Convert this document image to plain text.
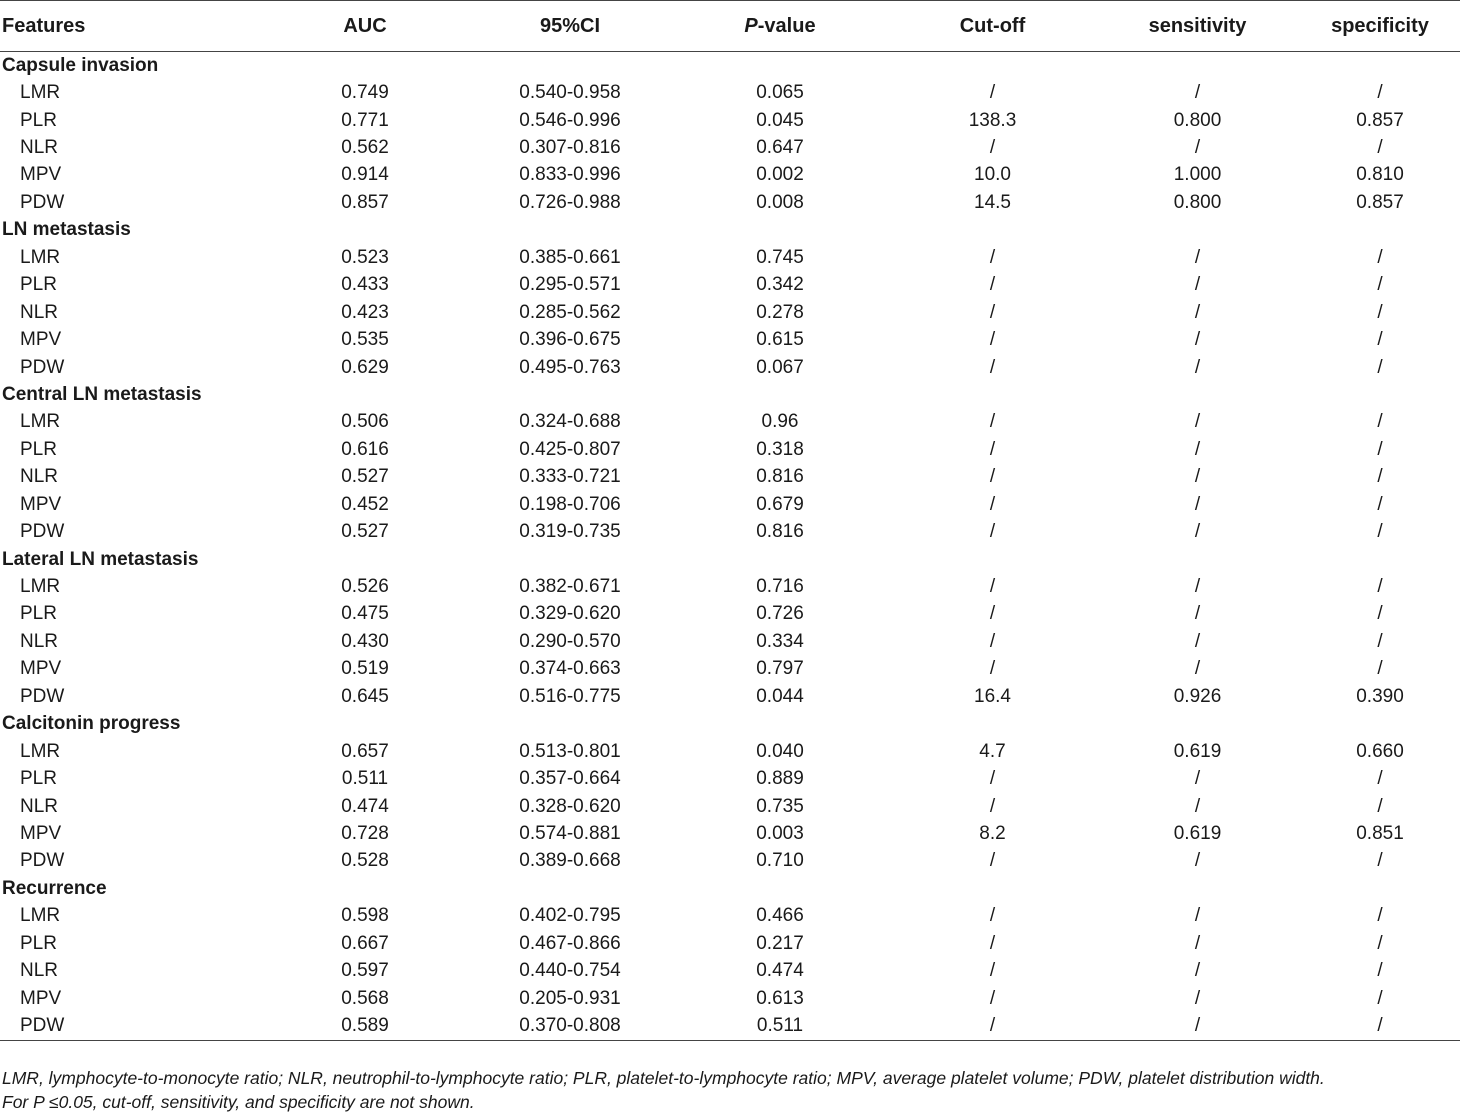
Features	AUC	95%CI	P-value	Cut-off	sensitivity	specificity
Capsule invasion						
LMR	0.749	0.540-0.958	0.065	/	/	/
PLR	0.771	0.546-0.996	0.045	138.3	0.800	0.857
NLR	0.562	0.307-0.816	0.647	/	/	/
MPV	0.914	0.833-0.996	0.002	10.0	1.000	0.810
PDW	0.857	0.726-0.988	0.008	14.5	0.800	0.857
LN metastasis						
LMR	0.523	0.385-0.661	0.745	/	/	/
PLR	0.433	0.295-0.571	0.342	/	/	/
NLR	0.423	0.285-0.562	0.278	/	/	/
MPV	0.535	0.396-0.675	0.615	/	/	/
PDW	0.629	0.495-0.763	0.067	/	/	/
Central LN metastasis						
LMR	0.506	0.324-0.688	0.96	/	/	/
PLR	0.616	0.425-0.807	0.318	/	/	/
NLR	0.527	0.333-0.721	0.816	/	/	/
MPV	0.452	0.198-0.706	0.679	/	/	/
PDW	0.527	0.319-0.735	0.816	/	/	/
Lateral LN metastasis						
LMR	0.526	0.382-0.671	0.716	/	/	/
PLR	0.475	0.329-0.620	0.726	/	/	/
NLR	0.430	0.290-0.570	0.334	/	/	/
MPV	0.519	0.374-0.663	0.797	/	/	/
PDW	0.645	0.516-0.775	0.044	16.4	0.926	0.390
Calcitonin progress						
LMR	0.657	0.513-0.801	0.040	4.7	0.619	0.660
PLR	0.511	0.357-0.664	0.889	/	/	/
NLR	0.474	0.328-0.620	0.735	/	/	/
MPV	0.728	0.574-0.881	0.003	8.2	0.619	0.851
PDW	0.528	0.389-0.668	0.710	/	/	/
Recurrence						
LMR	0.598	0.402-0.795	0.466	/	/	/
PLR	0.667	0.467-0.866	0.217	/	/	/
NLR	0.597	0.440-0.754	0.474	/	/	/
MPV	0.568	0.205-0.931	0.613	/	/	/
PDW	0.589	0.370-0.808	0.511	/	/	/
LMR, lymphocyte-to-monocyte ratio; NLR, neutrophil-to-lymphocyte ratio; PLR, platelet-to-lymphocyte ratio; MPV, average platelet volume; PDW, platelet distribution width.
For P ≤0.05, cut-off, sensitivity, and specificity are not shown.
